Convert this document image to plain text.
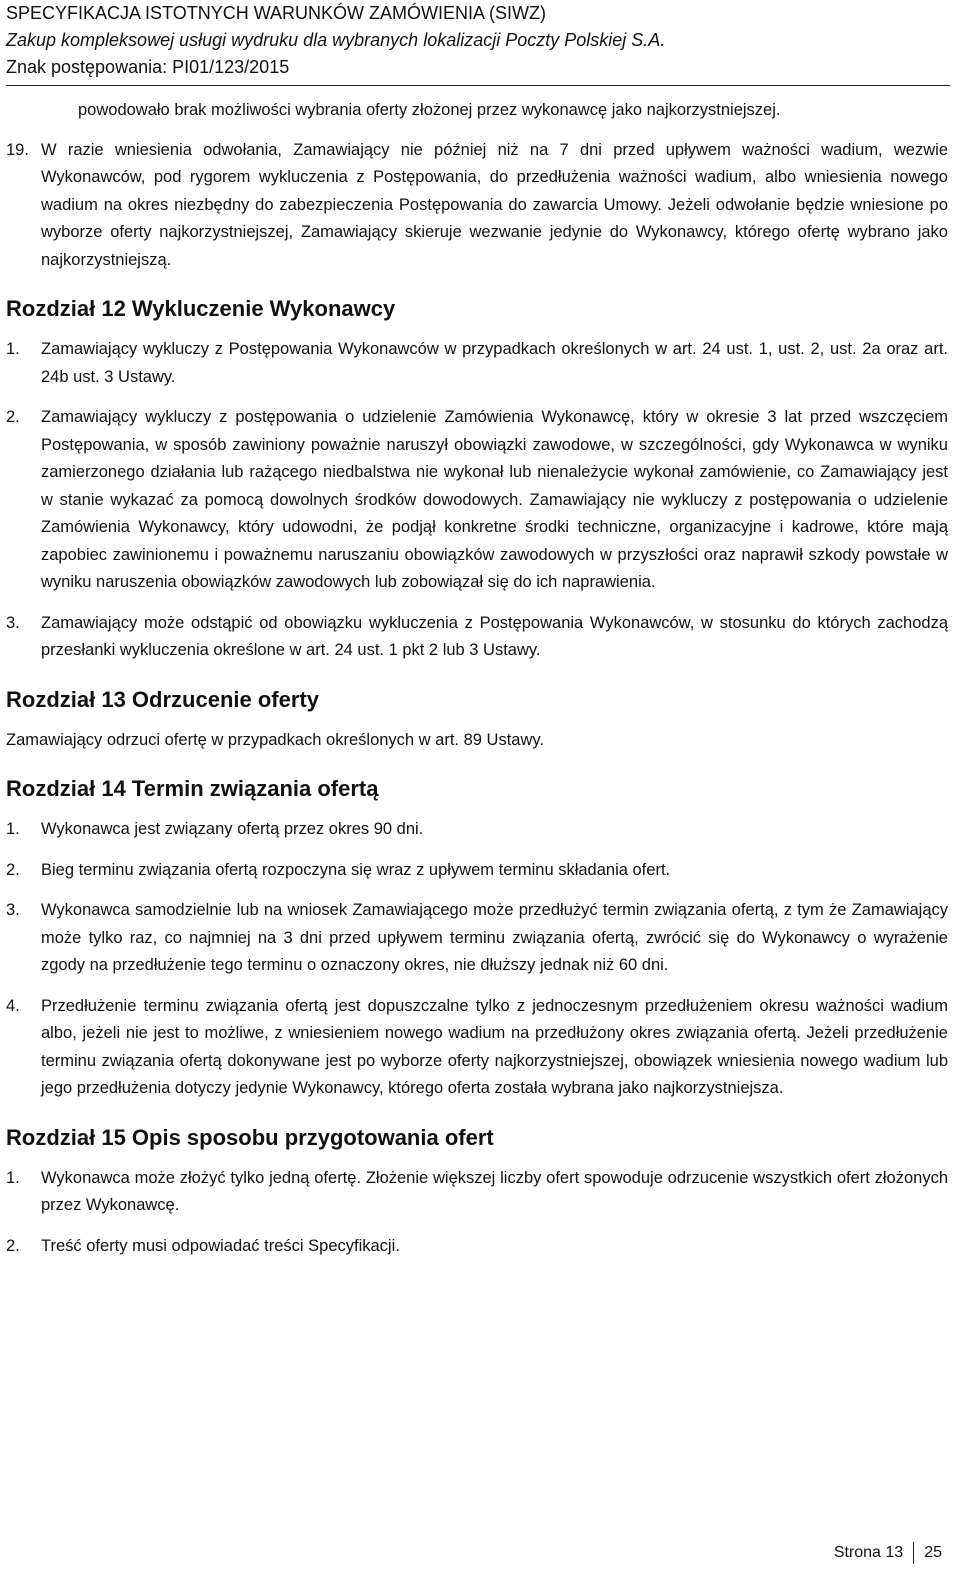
SPECYFIKACJA ISTOTNYCH WARUNKÓW ZAMÓWIENIA (SIWZ)
Zakup kompleksowej usługi wydruku dla wybranych lokalizacji Poczty Polskiej S.A.
Znak postępowania: PI01/123/2015

powodowało brak możliwości wybrania oferty złożonej przez wykonawcę jako najkorzystniejszej.

19. W razie wniesienia odwołania, Zamawiający nie później niż na 7 dni przed upływem ważności wadium, wezwie Wykonawców, pod rygorem wykluczenia z Postępowania, do przedłużenia ważności wadium, albo wniesienia nowego wadium na okres niezbędny do zabezpieczenia Postępowania do zawarcia Umowy. Jeżeli odwołanie będzie wniesione po wyborze oferty najkorzystniejszej, Zamawiający skieruje wezwanie jedynie do Wykonawcy, którego ofertę wybrano jako najkorzystniejszą.

Rozdział 12 Wykluczenie Wykonawcy
1.	Zamawiający wykluczy z Postępowania Wykonawców w przypadkach określonych w art. 24 ust. 1, ust. 2, ust. 2a oraz art. 24b ust. 3 Ustawy.

2.	Zamawiający wykluczy z postępowania o udzielenie Zamówienia Wykonawcę, który w okresie 3 lat przed wszczęciem Postępowania, w sposób zawiniony poważnie naruszył obowiązki zawodowe, w szczególności, gdy Wykonawca w wyniku zamierzonego działania lub rażącego niedbalstwa nie wykonał lub nienależycie wykonał zamówienie, co Zamawiający jest w stanie wykazać za pomocą dowolnych środków dowodowych. Zamawiający nie wykluczy z postępowania o udzielenie Zamówienia Wykonawcy, który udowodni, że podjął konkretne środki techniczne, organizacyjne i kadrowe, które mają zapobiec zawinionemu i poważnemu naruszaniu obowiązków zawodowych w przyszłości oraz naprawił szkody powstałe w wyniku naruszenia obowiązków zawodowych lub zobowiązał się do ich naprawienia.

3.	Zamawiający może odstąpić od obowiązku wykluczenia z Postępowania Wykonawców, w stosunku do których zachodzą przesłanki wykluczenia określone w art. 24 ust. 1 pkt 2 lub 3 Ustawy.

Rozdział 13 Odrzucenie oferty

Zamawiający odrzuci ofertę w przypadkach określonych w art. 89 Ustawy.

Rozdział 14 Termin związania ofertą
1.	Wykonawca jest związany ofertą przez okres 90 dni.

2.	Bieg terminu związania ofertą rozpoczyna się wraz z upływem terminu składania ofert.

3.	Wykonawca samodzielnie lub na wniosek Zamawiającego może przedłużyć termin związania ofertą, z tym że Zamawiający może tylko raz, co najmniej na 3 dni przed upływem terminu związania ofertą, zwrócić się do Wykonawcy o wyrażenie zgody na przedłużenie tego terminu o oznaczony okres, nie dłuższy jednak niż 60 dni.

4.	Przedłużenie terminu związania ofertą jest dopuszczalne tylko z jednoczesnym przedłużeniem okresu ważności wadium albo, jeżeli nie jest to możliwe, z wniesieniem nowego wadium na przedłużony okres związania ofertą. Jeżeli przedłużenie terminu związania ofertą dokonywane jest po wyborze oferty najkorzystniejszej, obowiązek wniesienia nowego wadium lub jego przedłużenia dotyczy jedynie Wykonawcy, którego oferta została wybrana jako najkorzystniejsza.

Rozdział 15 Opis sposobu przygotowania ofert
1.	Wykonawca może złożyć tylko jedną ofertę. Złożenie większej liczby ofert spowoduje odrzucenie wszystkich ofert złożonych przez Wykonawcę.

2.	Treść oferty musi odpowiadać treści Specyfikacji.

Strona 13 25
